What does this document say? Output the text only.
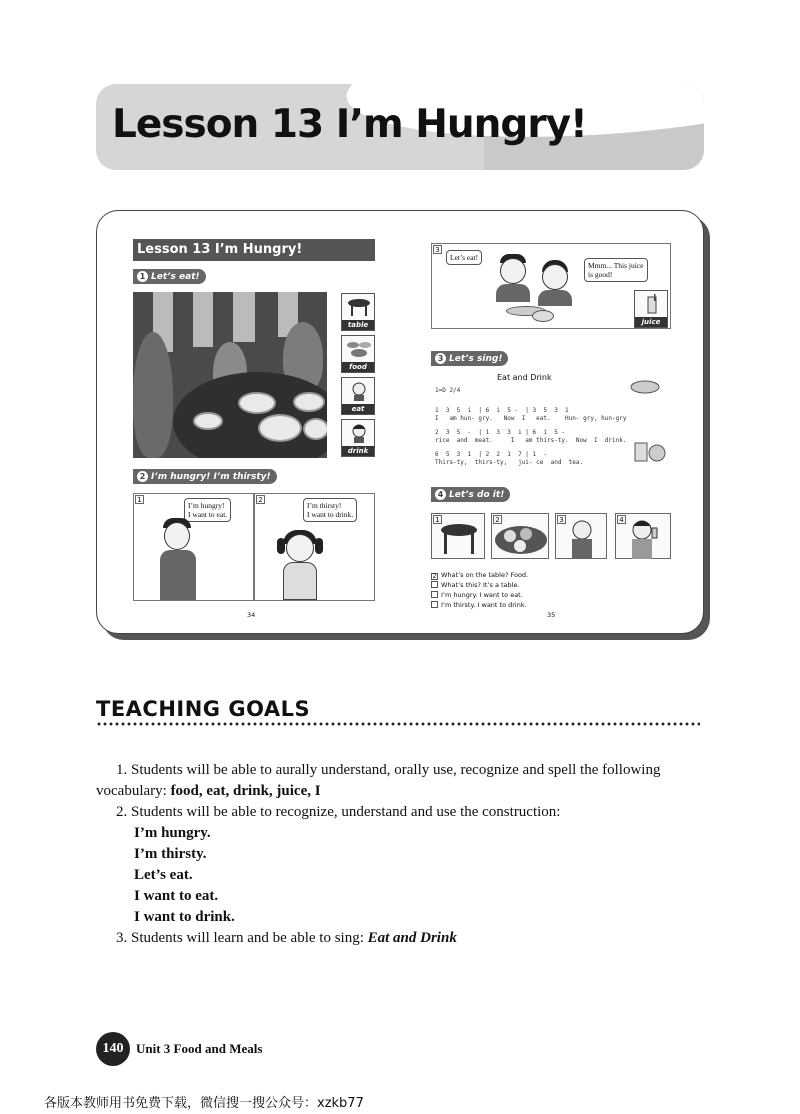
Lesson 13 I’m Hungry!
Lesson 13 I’m Hungry!
1 Let’s eat!
table
food
eat
drink
2 I’m hungry! I’m thirsty!
1
I’m hungry!
I want to eat.
2
I’m thirsty!
I want to drink.
34
3
Let’s eat!
Mmm... This juice
is good!
juice
3 Let’s sing!
Eat and Drink
1=D 2/4
1  3  5  i  | 6  i  5 -  | 3  5  3  1
I   am hun- gry.   Now  I   eat.    Hun- gry, hun-gry
2  3  5  -  | 1  3  3  i | 6  i  5 -
rice  and  meat.     I   am thirs-ty.  Now  I  drink.
6  5  3  1  | 2  2  1  7 | 1  -
Thirs-ty,  thirs-ty,   jui- ce  and  tea.
4 Let’s do it!
1	2	3	4
2 What’s on the table? Food.
What’s this? It’s a table.
I’m hungry. I want to eat.
I’m thirsty. I want to drink.
35
TEACHING GOALS

1. Students will be able to aurally understand, orally use, recognize and spell the following vocabulary: food, eat, drink, juice, I

2. Students will be able to recognize, understand and use the construction:

I’m hungry.

I’m thirsty.

Let’s eat.

I want to eat.

I want to drink.

3. Students will learn and be able to sing: Eat and Drink

140 Unit 3 Food and Meals
各版本教师用书免费下载，微信搜一搜公众号：xzkb77
